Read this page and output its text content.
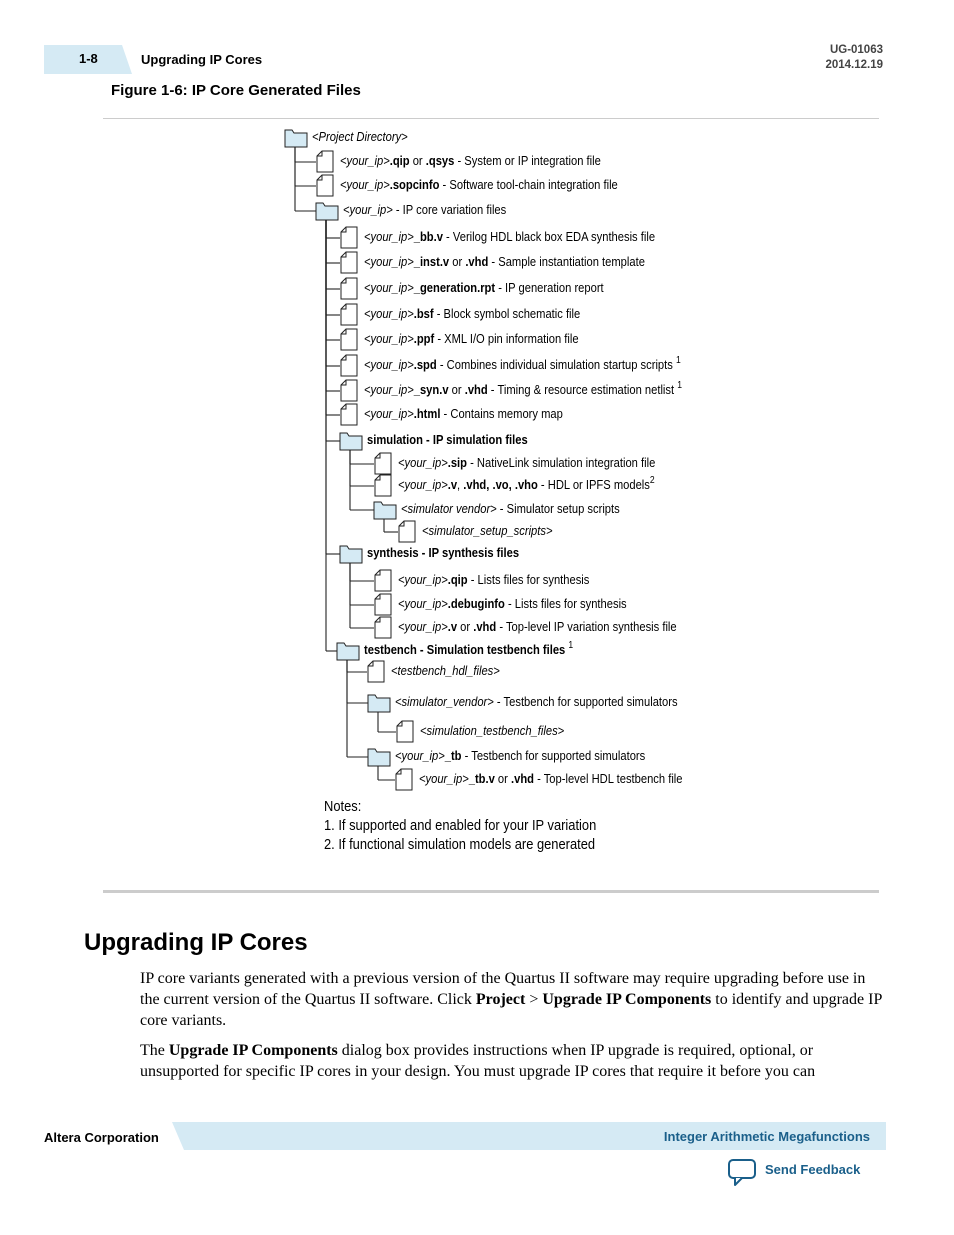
1-8	Upgrading IP Cores
UG-01063
2014.12.19
Figure 1-6: IP Core Generated Files
<Project Directory>
<your_ip>.qip or .qsys - System or IP integration file
<your_ip>.sopcinfo - Software tool-chain integration file
<your_ip> - IP core variation files
<your_ip>_bb.v - Verilog HDL black box EDA synthesis file
<your_ip>_inst.v or .vhd - Sample instantiation template
<your_ip>_generation.rpt - IP generation report
<your_ip>.bsf - Block symbol schematic file
<your_ip>.ppf - XML I/O pin information file
<your_ip>.spd - Combines individual simulation startup scripts $^1$
<your_ip>_syn.v or .vhd - Timing & resource estimation netlist $^1$
<your_ip>.html - Contains memory map
simulation - IP simulation files
<your_ip>.sip - NativeLink simulation integration file
<your_ip>.v, .vhd, .vo, .vho - HDL or IPFS models$^2$
<simulator vendor> - Simulator setup scripts
<simulator_setup_scripts>
synthesis - IP synthesis files
<your_ip>.qip - Lists files for synthesis
<your_ip>.debuginfo - Lists files for synthesis
<your_ip>.v or .vhd - Top-level IP variation synthesis file
testbench - Simulation testbench files $^1$
<testbench_hdl_files>
<simulator_vendor> - Testbench for supported simulators
<simulation_testbench_files>
<your_ip>_tb - Testbench for supported simulators
<your_ip>_tb.v or .vhd - Top-level HDL testbench file
Notes:
1. If supported and enabled for your IP variation
2. If functional simulation models are generated
Upgrading IP Cores
IP core variants generated with a previous version of the Quartus II software may require upgrading before use in the current version of the Quartus II software. Click Project > Upgrade IP Components to identify and upgrade IP core variants.
The Upgrade IP Components dialog box provides instructions when IP upgrade is required, optional, or unsupported for specific IP cores in your design. You must upgrade IP cores that require it before you can
Altera Corporation	Integer Arithmetic Megafunctions
Send Feedback
